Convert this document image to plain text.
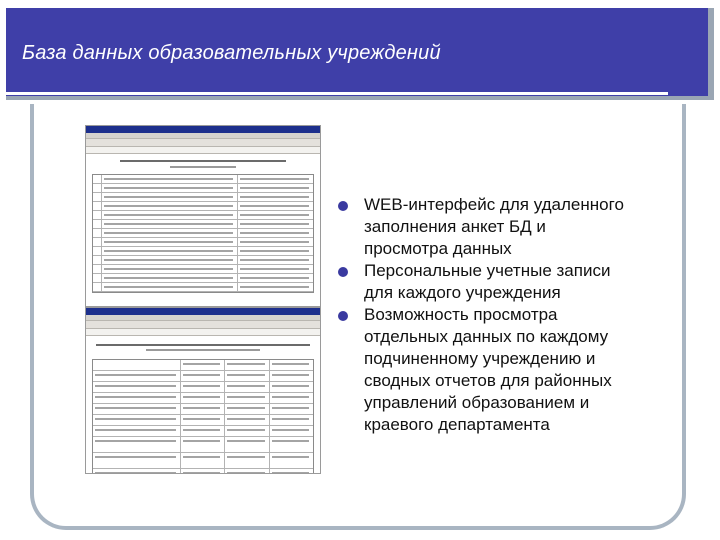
База данных образовательных учреждений
WEB-интерфейс для удаленного
заполнения анкет БД и
просмотра данных
Персональные учетные записи
для каждого учреждения
Возможность просмотра
отдельных данных по каждому
подчиненному учреждению и
сводных отчетов для районных
управлений образованием и
краевого департамента
